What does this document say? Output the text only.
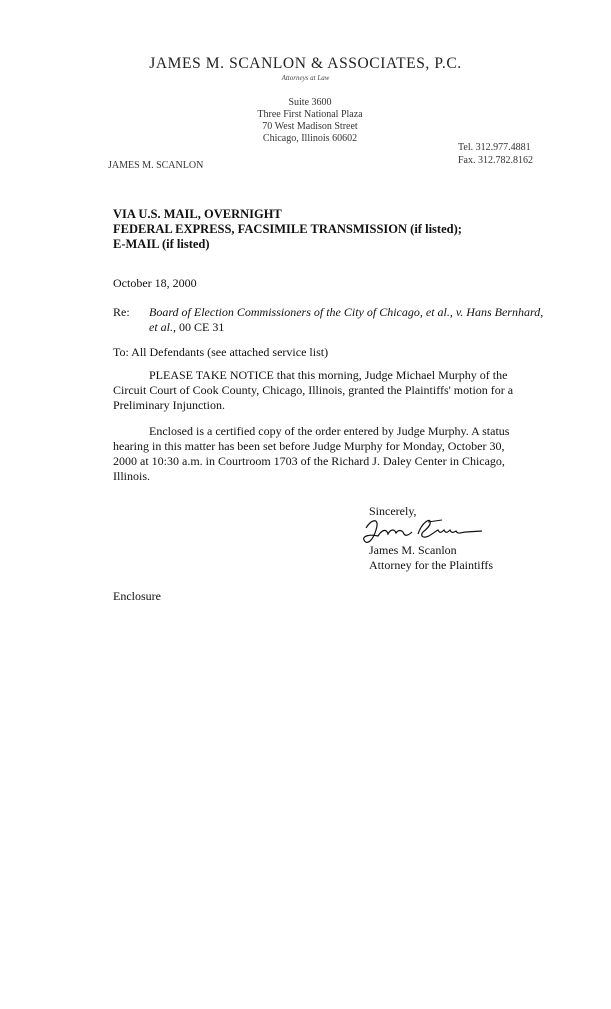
JAMES M. SCANLON & ASSOCIATES, P.C.
Attorneys at Law
Suite 3600
Three First National Plaza
70 West Madison Street
Chicago, Illinois 60602
Tel. 312.977.4881
Fax. 312.782.8162
JAMES M. SCANLON
VIA U.S. MAIL, OVERNIGHT
FEDERAL EXPRESS, FACSIMILE TRANSMISSION (if listed);
E-MAIL (if listed)
October 18, 2000
Re: Board of Election Commissioners of the City of Chicago, et al., v. Hans Bernhard,
et al., 00 CE 31
To: All Defendants (see attached service list)
PLEASE TAKE NOTICE that this morning, Judge Michael Murphy of the Circuit Court of Cook County, Chicago, Illinois, granted the Plaintiffs' motion for a Preliminary Injunction.
Enclosed is a certified copy of the order entered by Judge Murphy. A status hearing in this matter has been set before Judge Murphy for Monday, October 30, 2000 at 10:30 a.m. in Courtroom 1703 of the Richard J. Daley Center in Chicago, Illinois.
Sincerely,
James M. Scanlon
Attorney for the Plaintiffs
Enclosure
